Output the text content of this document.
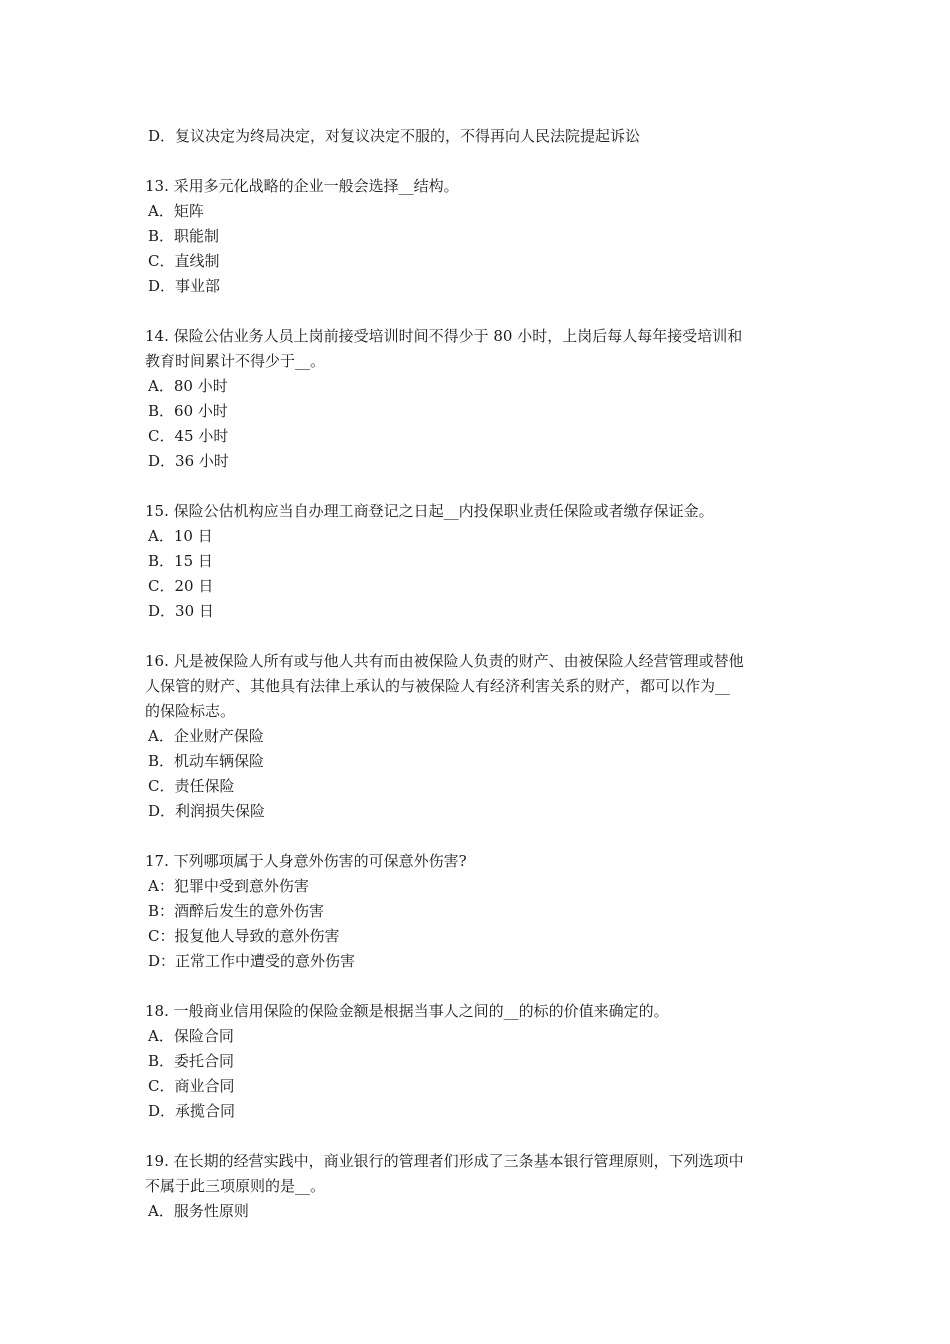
D．复议决定为终局决定，对复议决定不服的，不得再向人民法院提起诉讼
13. 采用多元化战略的企业一般会选择__结构。
A．矩阵
B．职能制
C．直线制
D．事业部
14. 保险公估业务人员上岗前接受培训时间不得少于 80 小时，上岗后每人每年接受培训和
教育时间累计不得少于__。
A．80 小时
B．60 小时
C．45 小时
D．36 小时
15. 保险公估机构应当自办理工商登记之日起__内投保职业责任保险或者缴存保证金。
A．10 日
B．15 日
C．20 日
D．30 日
16. 凡是被保险人所有或与他人共有而由被保险人负责的财产、由被保险人经营管理或替他
人保管的财产、其他具有法律上承认的与被保险人有经济利害关系的财产，都可以作为__
的保险标志。
A．企业财产保险
B．机动车辆保险
C．责任保险
D．利润损失保险
17. 下列哪项属于人身意外伤害的可保意外伤害?
A：犯罪中受到意外伤害
B：酒醉后发生的意外伤害
C：报复他人导致的意外伤害
D：正常工作中遭受的意外伤害
18. 一般商业信用保险的保险金额是根据当事人之间的__的标的价值来确定的。
A．保险合同
B．委托合同
C．商业合同
D．承揽合同
19. 在长期的经营实践中，商业银行的管理者们形成了三条基本银行管理原则，下列选项中
不属于此三项原则的是__。
A．服务性原则
